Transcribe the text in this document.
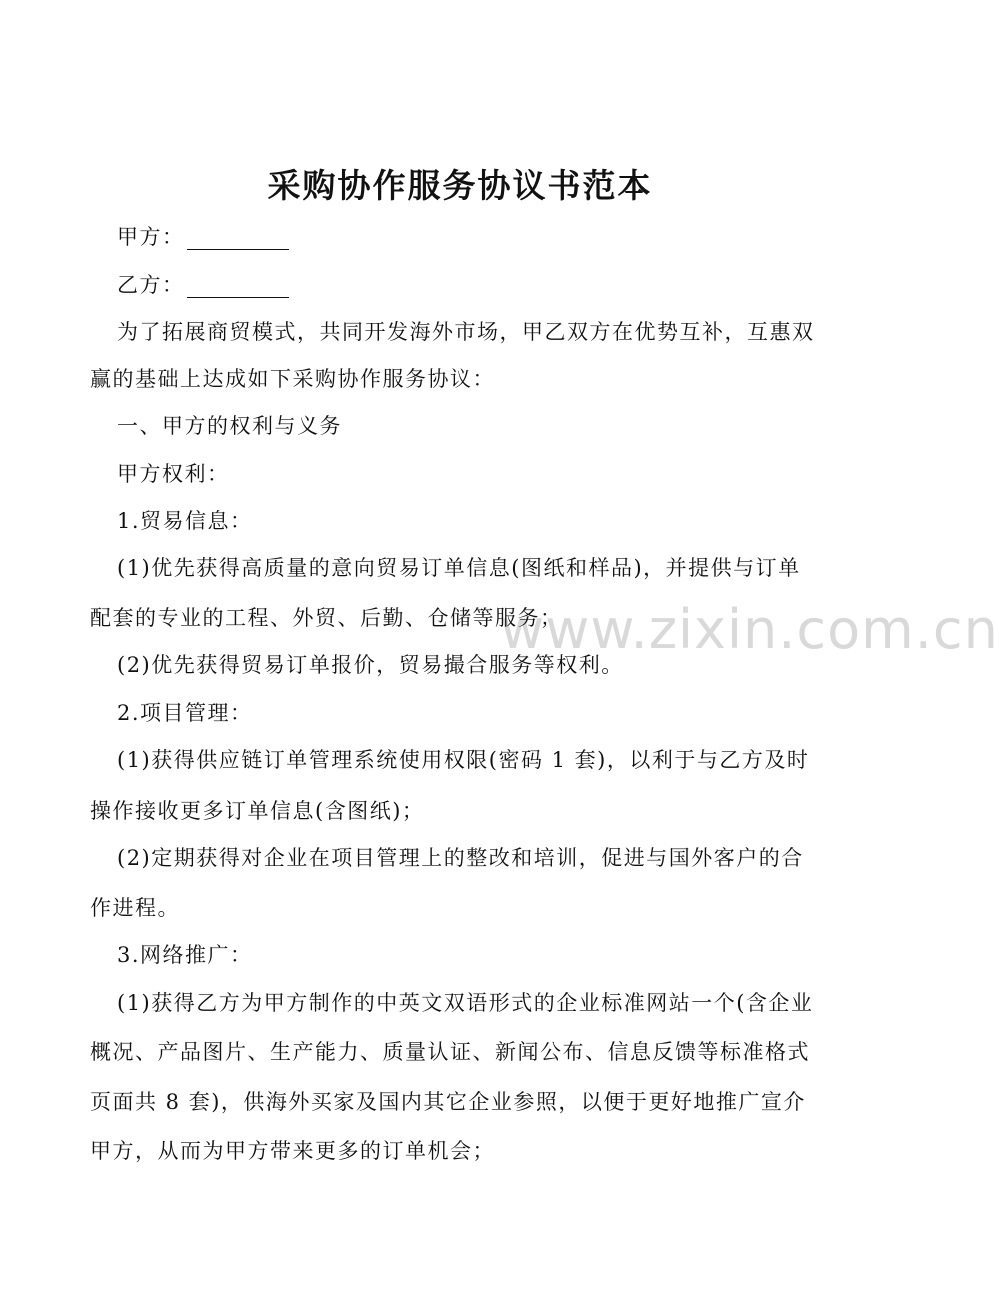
www.zixin.com.cn
采购协作服务协议书范本
甲方：
乙方：
为了拓展商贸模式，共同开发海外市场，甲乙双方在优势互补，互惠双
赢的基础上达成如下采购协作服务协议：
一、甲方的权利与义务
甲方权利：
1.贸易信息：
(1)优先获得高质量的意向贸易订单信息(图纸和样品)，并提供与订单
配套的专业的工程、外贸、后勤、仓储等服务；
(2)优先获得贸易订单报价，贸易撮合服务等权利。
2.项目管理：
(1)获得供应链订单管理系统使用权限(密码 1 套)，以利于与乙方及时
操作接收更多订单信息(含图纸)；
(2)定期获得对企业在项目管理上的整改和培训，促进与国外客户的合
作进程。
3.网络推广：
(1)获得乙方为甲方制作的中英文双语形式的企业标准网站一个(含企业
概况、产品图片、生产能力、质量认证、新闻公布、信息反馈等标准格式
页面共 8 套)，供海外买家及国内其它企业参照，以便于更好地推广宣介
甲方，从而为甲方带来更多的订单机会；
